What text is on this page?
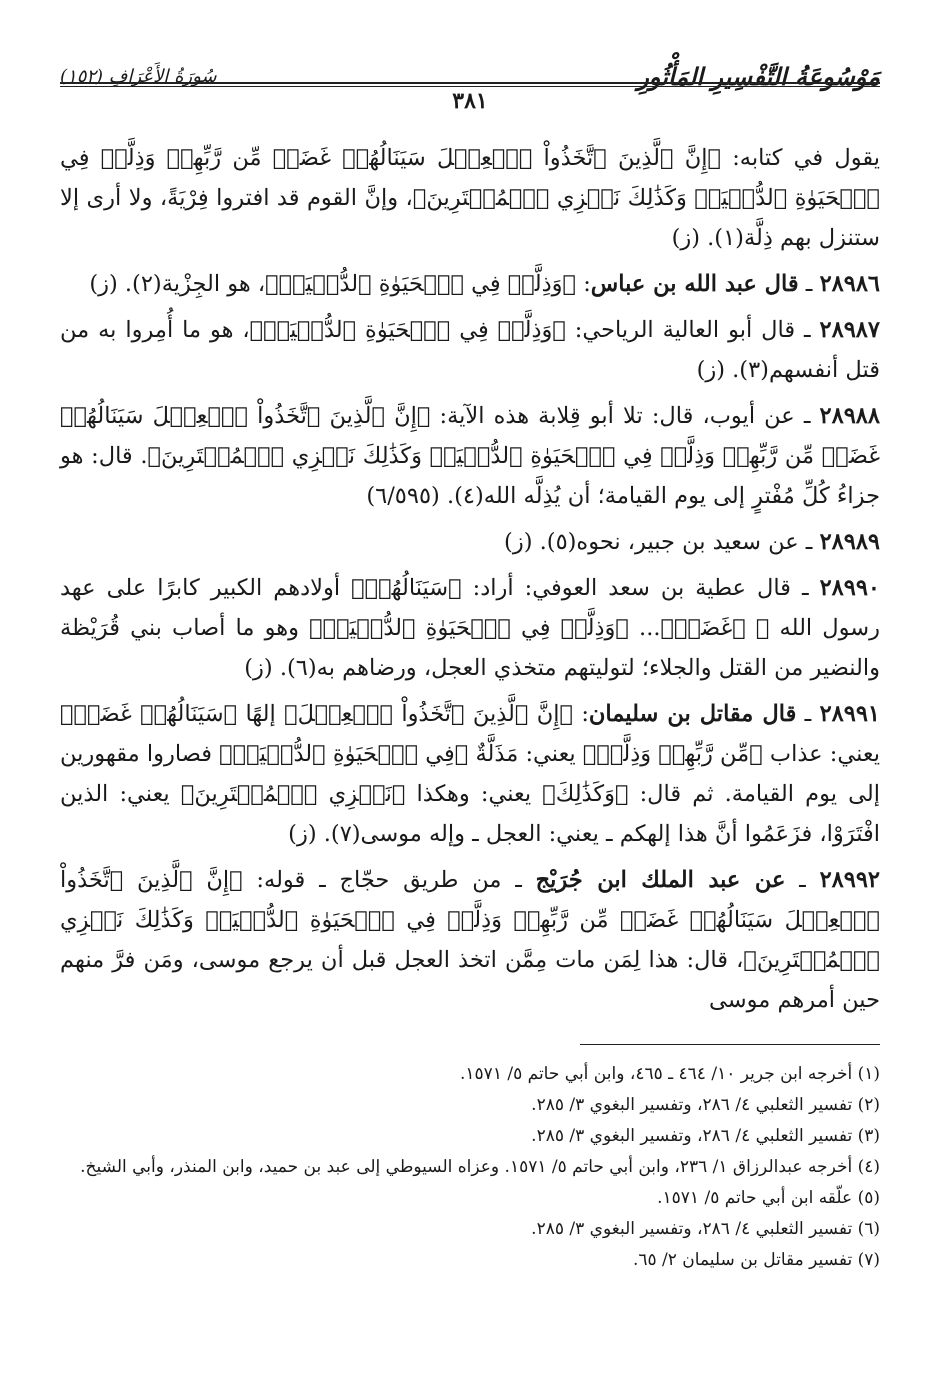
مَوْسُوعَةُ التَّفْسِيرِ المَأْثُورِ
سُورَةُ الأَعْرَافِ (١٥٢)
٣٨١

يقول في كتابه: ﴿إِنَّ ٱلَّذِينَ ٱتَّخَذُواْ ٱلۡعِجۡلَ سَيَنَالُهُمۡ غَضَبٞ مِّن رَّبِّهِمۡ وَذِلَّةٞ فِي ٱلۡحَيَوٰةِ ٱلدُّنۡيَاۚ وَكَذَٰلِكَ نَجۡزِي ٱلۡمُفۡتَرِينَ﴾، وإنَّ القوم قد افتروا فِرْيَةً، ولا أرى إلا ستنزل بهم ذِلَّة(١). (ز)

٢٨٩٨٦ ـ قال عبد الله بن عباس: ﴿وَذِلَّةٞ فِي ٱلۡحَيَوٰةِ ٱلدُّنۡيَاۚ﴾، هو الجِزْية(٢). (ز)

٢٨٩٨٧ ـ قال أبو العالية الرياحي: ﴿وَذِلَّةٞ فِي ٱلۡحَيَوٰةِ ٱلدُّنۡيَاۚ﴾، هو ما أُمِروا به من قتل أنفسهم(٣). (ز)

٢٨٩٨٨ ـ عن أيوب، قال: تلا أبو قِلابة هذه الآية: ﴿إِنَّ ٱلَّذِينَ ٱتَّخَذُواْ ٱلۡعِجۡلَ سَيَنَالُهُمۡ غَضَبٞ مِّن رَّبِّهِمۡ وَذِلَّةٞ فِي ٱلۡحَيَوٰةِ ٱلدُّنۡيَاۚ وَكَذَٰلِكَ نَجۡزِي ٱلۡمُفۡتَرِينَ﴾. قال: هو جزاءُ كُلِّ مُفْترٍ إلى يوم القيامة؛ أن يُذِلَّه الله(٤). (٦/٥٩٥)

٢٨٩٨٩ ـ عن سعيد بن جبير، نحوه(٥). (ز)

٢٨٩٩٠ ـ قال عطية بن سعد العوفي: أراد: ﴿سَيَنَالُهُمۡ﴾ أولادهم الكبير كابرًا على عهد رسول الله ﷺ ﴿غَضَبٞ﴾... ﴿وَذِلَّةٞ فِي ٱلۡحَيَوٰةِ ٱلدُّنۡيَاۚ﴾ وهو ما أصاب بني قُرَيْظة والنضير من القتل والجلاء؛ لتوليتهم متخذي العجل، ورضاهم به(٦). (ز)

٢٨٩٩١ ـ قال مقاتل بن سليمان: ﴿إِنَّ ٱلَّذِينَ ٱتَّخَذُواْ ٱلۡعِجۡلَ﴾ إلهًا ﴿سَيَنَالُهُمۡ غَضَبٞ﴾ يعني: عذاب ﴿مِّن رَّبِّهِمۡ وَذِلَّةٞ﴾ يعني: مَذَلَّةٌ ﴿فِي ٱلۡحَيَوٰةِ ٱلدُّنۡيَاۚ﴾ فصاروا مقهورين إلى يوم القيامة. ثم قال: ﴿وَكَذَٰلِكَ﴾ يعني: وهكذا ﴿نَجۡزِي ٱلۡمُفۡتَرِينَ﴾ يعني: الذين افْتَرَوْا، فزَعَمُوا أنَّ هذا إلهكم ـ يعني: العجل ـ وإله موسى(٧). (ز)

٢٨٩٩٢ ـ عن عبد الملك ابن جُرَيْج ـ من طريق حجّاج ـ قوله: ﴿إِنَّ ٱلَّذِينَ ٱتَّخَذُواْ ٱلۡعِجۡلَ سَيَنَالُهُمۡ غَضَبٞ مِّن رَّبِّهِمۡ وَذِلَّةٞ فِي ٱلۡحَيَوٰةِ ٱلدُّنۡيَاۚ وَكَذَٰلِكَ نَجۡزِي ٱلۡمُفۡتَرِينَ﴾، قال: هذا لِمَن مات مِمَّن اتخذ العجل قبل أن يرجع موسى، ومَن فرَّ منهم حين أمرهم موسى

(١) أخرجه ابن جرير ١٠/ ٤٦٤ ـ ٤٦٥، وابن أبي حاتم ٥/ ١٥٧١.

(٢) تفسير الثعلبي ٤/ ٢٨٦، وتفسير البغوي ٣/ ٢٨٥.

(٣) تفسير الثعلبي ٤/ ٢٨٦، وتفسير البغوي ٣/ ٢٨٥.

(٤) أخرجه عبدالرزاق ١/ ٢٣٦، وابن أبي حاتم ٥/ ١٥٧١. وعزاه السيوطي إلى عبد بن حميد، وابن المنذر، وأبي الشيخ.

(٥) علّقه ابن أبي حاتم ٥/ ١٥٧١.

(٦) تفسير الثعلبي ٤/ ٢٨٦، وتفسير البغوي ٣/ ٢٨٥.

(٧) تفسير مقاتل بن سليمان ٢/ ٦٥.
